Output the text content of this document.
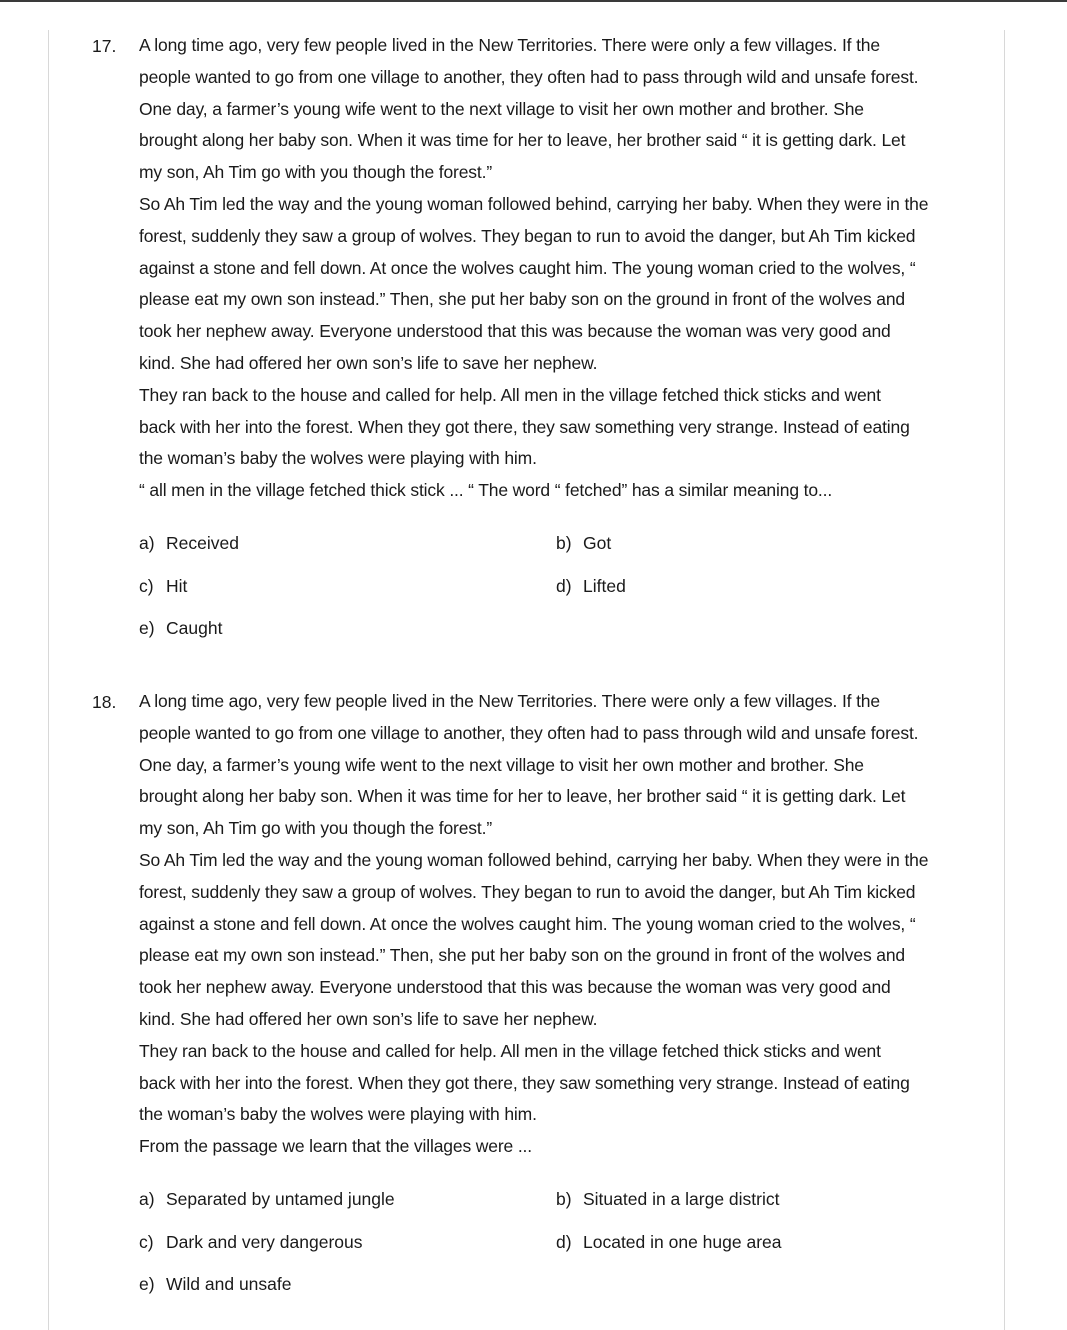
17. A long time ago, very few people lived in the New Territories. There were only a few villages. If the
people wanted to go from one village to another, they often had to pass through wild and unsafe forest.
One day, a farmer’s young wife went to the next village to visit her own mother and brother. She
brought along her baby son. When it was time for her to leave, her brother said “ it is getting dark. Let
my son, Ah Tim go with you though the forest.”
So Ah Tim led the way and the young woman followed behind, carrying her baby. When they were in the
forest, suddenly they saw a group of wolves. They began to run to avoid the danger, but Ah Tim kicked
against a stone and fell down. At once the wolves caught him. The young woman cried to the wolves, “
please eat my own son instead.” Then, she put her baby son on the ground in front of the wolves and
took her nephew away. Everyone understood that this was because the woman was very good and
kind. She had offered her own son’s life to save her nephew.
They ran back to the house and called for help. All men in the village fetched thick sticks and went
back with her into the forest. When they got there, they saw something very strange. Instead of eating
the woman’s baby the wolves were playing with him.
“ all men in the village fetched thick stick ... “ The word “ fetched” has a similar meaning to...
a) Received	b) Got
c) Hit	d) Lifted
e) Caught
18. A long time ago, very few people lived in the New Territories. There were only a few villages. If the
people wanted to go from one village to another, they often had to pass through wild and unsafe forest.
One day, a farmer’s young wife went to the next village to visit her own mother and brother. She
brought along her baby son. When it was time for her to leave, her brother said “ it is getting dark. Let
my son, Ah Tim go with you though the forest.”
So Ah Tim led the way and the young woman followed behind, carrying her baby. When they were in the
forest, suddenly they saw a group of wolves. They began to run to avoid the danger, but Ah Tim kicked
against a stone and fell down. At once the wolves caught him. The young woman cried to the wolves, “
please eat my own son instead.” Then, she put her baby son on the ground in front of the wolves and
took her nephew away. Everyone understood that this was because the woman was very good and
kind. She had offered her own son’s life to save her nephew.
They ran back to the house and called for help. All men in the village fetched thick sticks and went
back with her into the forest. When they got there, they saw something very strange. Instead of eating
the woman’s baby the wolves were playing with him.
From the passage we learn that the villages were ...
a) Separated by untamed jungle	b) Situated in a large district
c) Dark and very dangerous	d) Located in one huge area
e) Wild and unsafe
